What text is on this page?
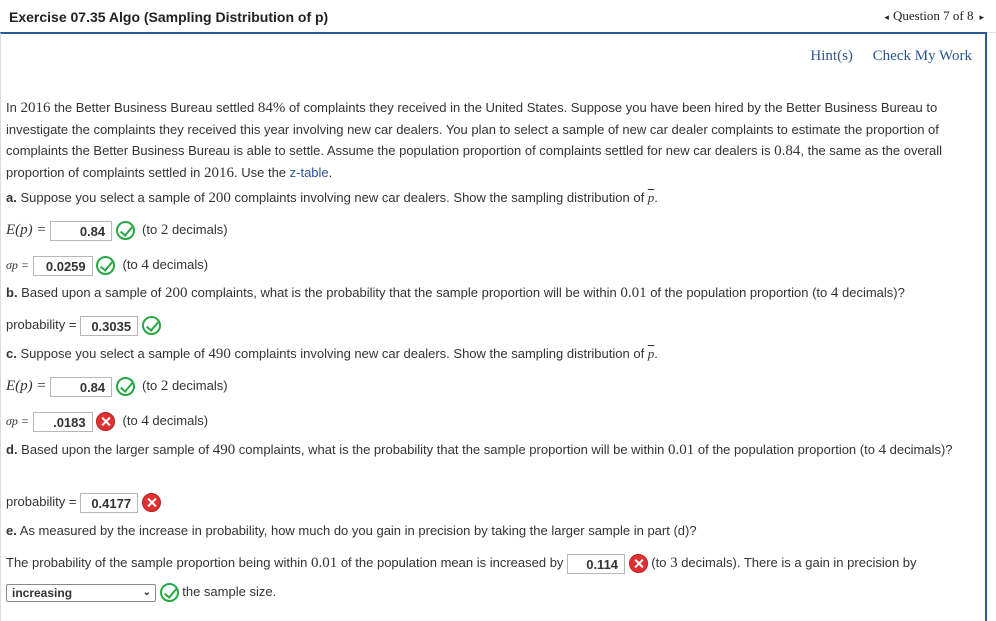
Exercise 07.35 Algo (Sampling Distribution of p)	◂ Question 7 of 8 ▸
Hint(s) Check My Work
In 2016 the Better Business Bureau settled 84% of complaints they received in the United States. Suppose you have been hired by the Better Business Bureau to investigate the complaints they received this year involving new car dealers. You plan to select a sample of new car dealer complaints to estimate the proportion of complaints the Better Business Bureau is able to settle. Assume the population proportion of complaints settled for new car dealers is 0.84, the same as the overall proportion of complaints settled in 2016. Use the z-table.
a. Suppose you select a sample of 200 complaints involving new car dealers. Show the sampling distribution of $\overline{p}$.
E(p) =	0.84	(to 2 decimals)
σp = 0.0259	(to 4 decimals)
b. Based upon a sample of 200 complaints, what is the probability that the sample proportion will be within 0.01 of the population proportion (to 4 decimals)?
probability = 0.3035
c. Suppose you select a sample of 490 complaints involving new car dealers. Show the sampling distribution of $\overline{p}$.
E(p) =	0.84	(to 2 decimals)
σp = .0183	(to 4 decimals)
d. Based upon the larger sample of 490 complaints, what is the probability that the sample proportion will be within 0.01 of the population proportion (to 4 decimals)?
probability = 0.4177
e. As measured by the increase in probability, how much do you gain in precision by taking the larger sample in part (d)?
The probability of the sample proportion being within 0.01 of the population mean is increased by 0.114	(to 3 decimals). There is a gain in precision by
increasing	⌄ the sample size.
